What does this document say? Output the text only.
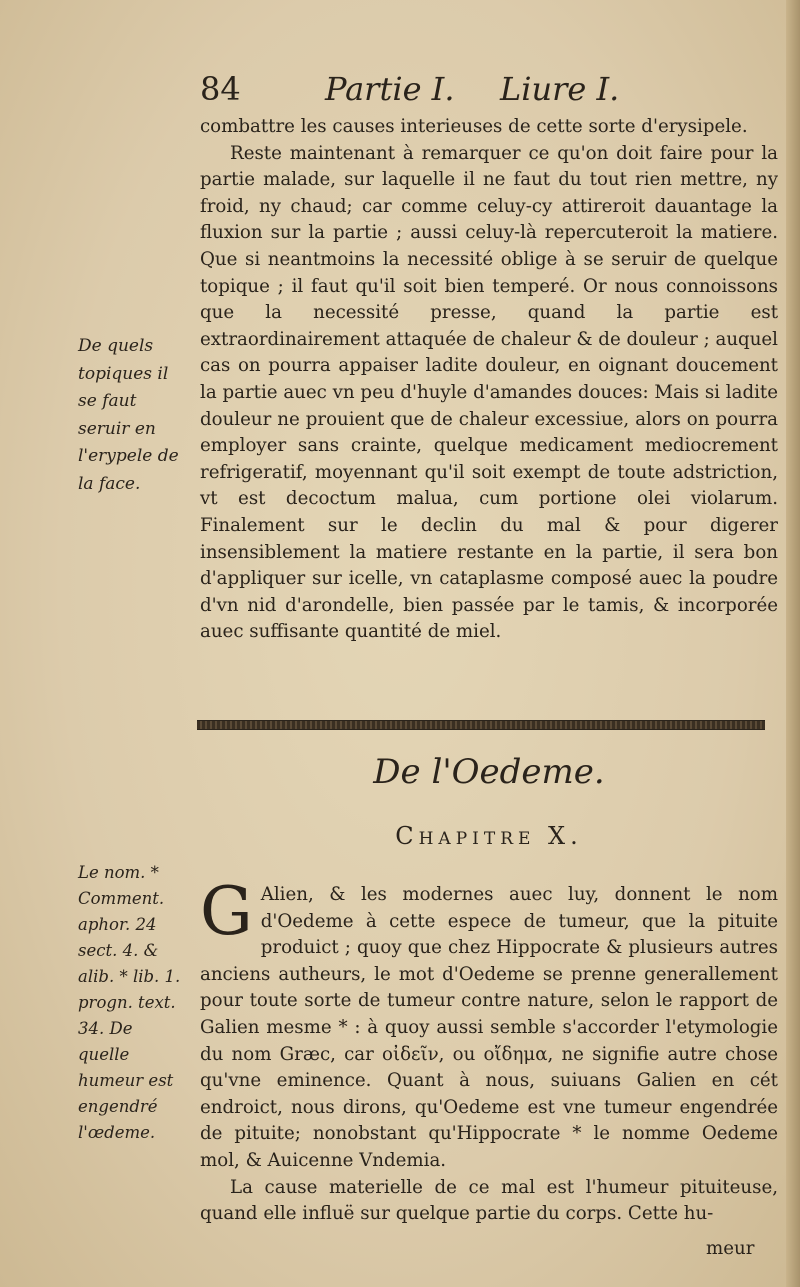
84	Partie I. Liure I.

combattre les causes interieuses de cette sorte d'erysipele.

Reste maintenant à remarquer ce qu'on doit faire pour la partie malade, sur laquelle il ne faut du tout rien mettre, ny froid, ny chaud; car comme celuy-cy attireroit dauantage la fluxion sur la partie ; aussi celuy-là repercuteroit la matiere. Que si neantmoins la necessité oblige à se seruir de quelque topique ; il faut qu'il soit bien temperé. Or nous connoissons que la necessité presse, quand la partie est extraordinairement attaquée de chaleur & de douleur ; auquel cas on pourra appaiser ladite douleur, en oignant doucement la partie auec vn peu d'huyle d'amandes douces: Mais si ladite douleur ne prouient que de chaleur excessiue, alors on pourra employer sans crainte, quelque medicament mediocrement refrigeratif, moyennant qu'il soit exempt de toute adstriction, vt est decoctum malua, cum portione olei violarum. Finalement sur le declin du mal & pour digerer insensiblement la matiere restante en la partie, il sera bon d'appliquer sur icelle, vn cataplasme composé auec la poudre d'vn nid d'arondelle, bien passée par le tamis, & incorporée auec suffisante quantité de miel.

De quels topiques il se faut seruir en l'erypele de la face.
De l'Oedeme.
Chapitre X.

G Alien, & les modernes auec luy, donnent le nom d'Oedeme à cette espece de tumeur, que la pituite produict ; quoy que chez Hippocrate & plusieurs autres anciens autheurs, le mot d'Oedeme se prenne generallement pour toute sorte de tumeur contre nature, selon le rapport de Galien mesme * : à quoy aussi semble s'accorder l'etymologie du nom Græc, car οἰδεῖν, ou οἴδημα, ne signifie autre chose qu'vne eminence. Quant à nous, suiuans Galien en cét endroict, nous dirons, qu'Oedeme est vne tumeur engendrée de pituite; nonobstant qu'Hippocrate * le nomme Oedeme mol, & Auicenne Vndemia.

La cause materielle de ce mal est l'humeur pituiteuse, quand elle influë sur quelque partie du corps. Cette hu-

meur
Le nom. * Comment. aphor. 24 sect. 4. & alib. * lib. 1. progn. text. 34. De quelle humeur est engendré l'œdeme.
